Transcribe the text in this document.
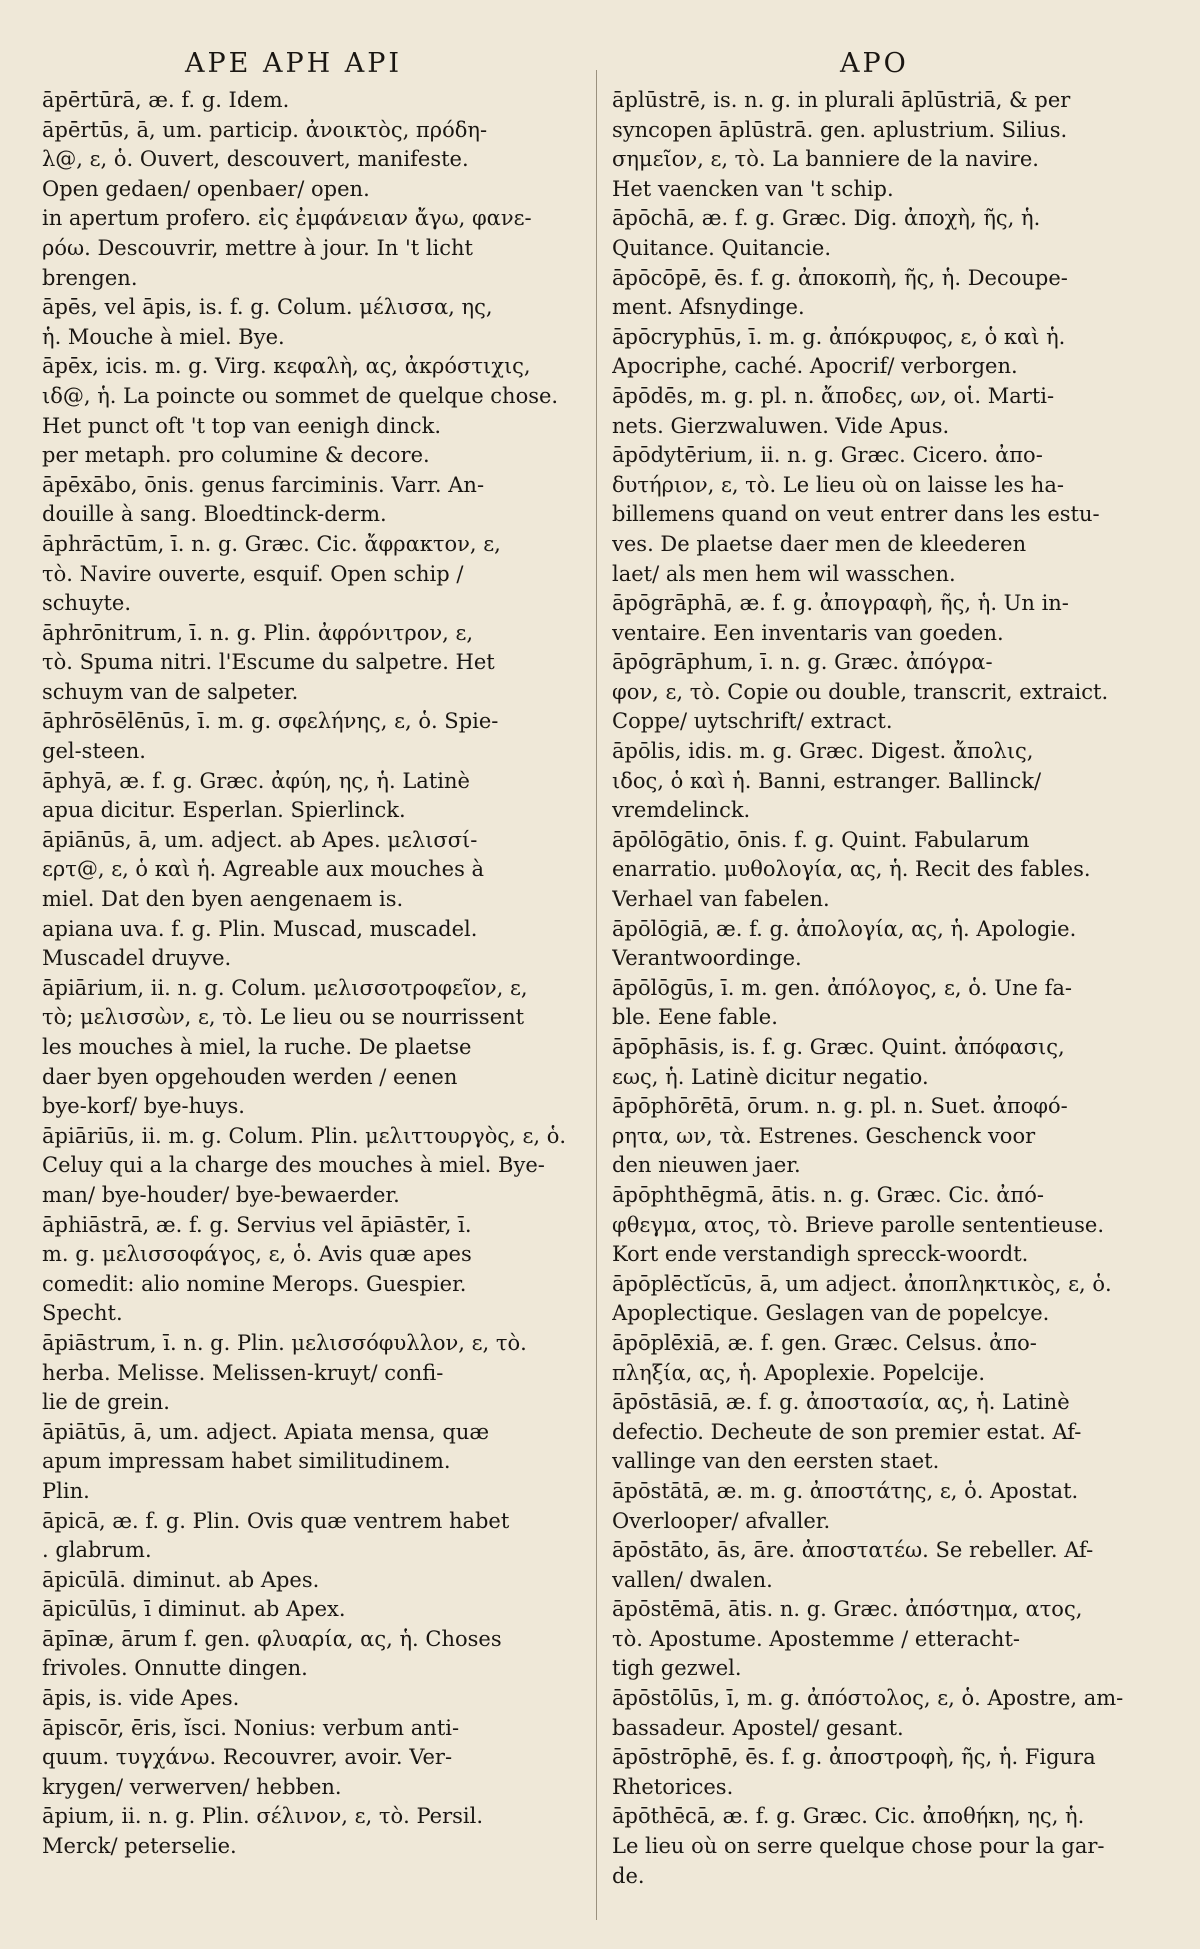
APE APH API	APO
āpērtūrā, æ. f. g. Idem.
āpērtūs, ā, um. particip. ἀνοικτὸς, πρόδη-
λ@, ε, ὁ. Ouvert, descouvert, manifeste.
Open gedaen/ openbaer/ open.
in apertum profero. εἰς ἐμφάνειαν ἄγω, φανε-
ρόω. Descouvrir, mettre à jour. In 't licht
brengen.
āpēs, vel āpis, is. f. g. Colum. μέλισσα, ης,
ἡ. Mouche à miel. Bye.
āpēx, icis. m. g. Virg. κεφαλὴ, ας, ἀκρόστιχις,
ιδ@, ἡ. La poincte ou sommet de quelque chose.
Het punct oft 't top van eenigh dinck.
per metaph. pro columine & decore.
āpēxābo, ōnis. genus farciminis. Varr. An-
douille à sang. Bloedtinck-derm.
āphrāctūm, ī. n. g. Græc. Cic. ἄφρακτον, ε,
τὸ. Navire ouverte, esquif. Open schip /
schuyte.
āphrōnitrum, ī. n. g. Plin. ἀφρόνιτρον, ε,
τὸ. Spuma nitri. l'Escume du salpetre. Het
schuym van de salpeter.
āphrōsēlēnūs, ī. m. g. σφελήνης, ε, ὁ. Spie-
gel-steen.
āphyā, æ. f. g. Græc. ἀφύη, ης, ἡ. Latinè
apua dicitur. Esperlan. Spierlinck.
āpiānūs, ā, um. adject. ab Apes. μελισσί-
ερτ@, ε, ὁ καὶ ἡ. Agreable aux mouches à
miel. Dat den byen aengenaem is.
apiana uva. f. g. Plin. Muscad, muscadel.
Muscadel druyve.
āpiārium, ii. n. g. Colum. μελισσοτροφεῖον, ε,
τὸ; μελισσὼν, ε, τὸ. Le lieu ou se nourrissent
les mouches à miel, la ruche. De plaetse
daer byen opgehouden werden / eenen
bye-korf/ bye-huys.
āpiāriūs, ii. m. g. Colum. Plin. μελιττουργὸς, ε, ὁ.
Celuy qui a la charge des mouches à miel. Bye-
man/ bye-houder/ bye-bewaerder.
āphiāstrā, æ. f. g. Servius vel āpiāstēr, ī.
m. g. μελισσοφάγος, ε, ὁ. Avis quæ apes
comedit: alio nomine Merops. Guespier.
Specht.
āpiāstrum, ī. n. g. Plin. μελισσόφυλλον, ε, τὸ.
herba. Melisse. Melissen-kruyt/ confi-
lie de grein.
āpiātūs, ā, um. adject. Apiata mensa, quæ
apum impressam habet similitudinem.
Plin.
āpicā, æ. f. g. Plin. Ovis quæ ventrem habet
. glabrum.
āpicūlā. diminut. ab Apes.
āpicūlūs, ī diminut. ab Apex.
āpīnæ, ārum f. gen. φλυαρία, ας, ἡ. Choses
frivoles. Onnutte dingen.
āpis, is. vide Apes.
āpiscōr, ēris, ĭsci. Nonius: verbum anti-
quum. τυγχάνω. Recouvrer, avoir. Ver-
krygen/ verwerven/ hebben.
āpium, ii. n. g. Plin. σέλινον, ε, τὸ. Persil.
Merck/ peterselie.
āplūstrē, is. n. g. in plurali āplūstriā, & per
syncopen āplūstrā. gen. aplustrium. Silius.
σημεῖον, ε, τὸ. La banniere de la navire.
Het vaencken van 't schip.
āpōchā, æ. f. g. Græc. Dig. ἀποχὴ, ῆς, ἡ.
Quitance. Quitancie.
āpōcōpē, ēs. f. g. ἀποκοπὴ, ῆς, ἡ. Decoupe-
ment. Afsnydinge.
āpōcryphūs, ī. m. g. ἀπόκρυφος, ε, ὁ καὶ ἡ.
Apocriphe, caché. Apocrif/ verborgen.
āpōdēs, m. g. pl. n. ἄποδες, ων, οἱ. Marti-
nets. Gierzwaluwen. Vide Apus.
āpōdytērium, ii. n. g. Græc. Cicero. ἀπο-
δυτήριον, ε, τὸ. Le lieu où on laisse les ha-
billemens quand on veut entrer dans les estu-
ves. De plaetse daer men de kleederen
laet/ als men hem wil wasschen.
āpōgrāphā, æ. f. g. ἀπογραφὴ, ῆς, ἡ. Un in-
ventaire. Een inventaris van goeden.
āpōgrāphum, ī. n. g. Græc. ἀπόγρα-
φον, ε, τὸ. Copie ou double, transcrit, extraict.
Coppe/ uytschrift/ extract.
āpōlis, idis. m. g. Græc. Digest. ἄπολις,
ιδος, ὁ καὶ ἡ. Banni, estranger. Ballinck/
vremdelinck.
āpōlōgātio, ōnis. f. g. Quint. Fabularum
enarratio. μυθολογία, ας, ἡ. Recit des fables.
Verhael van fabelen.
āpōlōgiā, æ. f. g. ἀπολογία, ας, ἡ. Apologie.
Verantwoordinge.
āpōlōgūs, ī. m. gen. ἀπόλογος, ε, ὁ. Une fa-
ble. Eene fable.
āpōphāsis, is. f. g. Græc. Quint. ἀπόφασις,
εως, ἡ. Latinè dicitur negatio.
āpōphōrētā, ōrum. n. g. pl. n. Suet. ἀποφό-
ρητα, ων, τὰ. Estrenes. Geschenck voor
den nieuwen jaer.
āpōphthēgmā, ātis. n. g. Græc. Cic. ἀπό-
φθεγμα, ατος, τὸ. Brieve parolle sententieuse.
Kort ende verstandigh sprecck-woordt.
āpōplēctĭcūs, ā, um adject. ἀποπληκτικὸς, ε, ὁ.
Apoplectique. Geslagen van de popelcye.
āpōplēxiā, æ. f. gen. Græc. Celsus. ἀπο-
πληξία, ας, ἡ. Apoplexie. Popelcije.
āpōstāsiā, æ. f. g. ἀποστασία, ας, ἡ. Latinè
defectio. Decheute de son premier estat. Af-
vallinge van den eersten staet.
āpōstātā, æ. m. g. ἀποστάτης, ε, ὁ. Apostat.
Overlooper/ afvaller.
āpōstāto, ās, āre. ἀποστατέω. Se rebeller. Af-
vallen/ dwalen.
āpōstēmā, ātis. n. g. Græc. ἀπόστημα, ατος,
τὸ. Apostume. Apostemme / etteracht-
tigh gezwel.
āpōstōlūs, ī, m. g. ἀπόστολος, ε, ὁ. Apostre, am-
bassadeur. Apostel/ gesant.
āpōstrōphē, ēs. f. g. ἀποστροφὴ, ῆς, ἡ. Figura
Rhetorices.
āpōthēcā, æ. f. g. Græc. Cic. ἀποθήκη, ης, ἡ.
Le lieu où on serre quelque chose pour la gar-
de.
